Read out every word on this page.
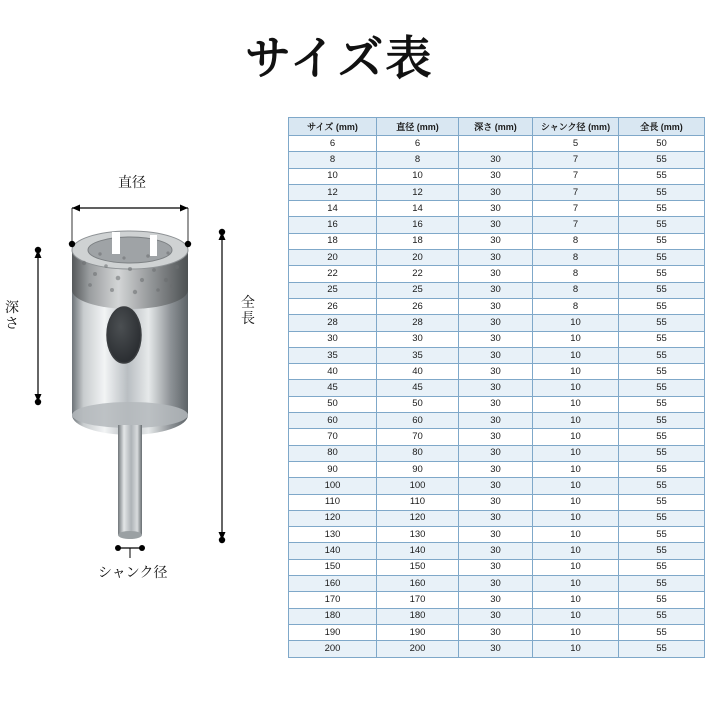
サイズ表
直径
深さ
全長
シャンク径
サイズ (mm)	直径 (mm)	深さ (mm)	シャンク径 (mm)	全長 (mm)
6	6		5	50
8	8	30	7	55
10	10	30	7	55
12	12	30	7	55
14	14	30	7	55
16	16	30	7	55
18	18	30	8	55
20	20	30	8	55
22	22	30	8	55
25	25	30	8	55
26	26	30	8	55
28	28	30	10	55
30	30	30	10	55
35	35	30	10	55
40	40	30	10	55
45	45	30	10	55
50	50	30	10	55
60	60	30	10	55
70	70	30	10	55
80	80	30	10	55
90	90	30	10	55
100	100	30	10	55
110	110	30	10	55
120	120	30	10	55
130	130	30	10	55
140	140	30	10	55
150	150	30	10	55
160	160	30	10	55
170	170	30	10	55
180	180	30	10	55
190	190	30	10	55
200	200	30	10	55
